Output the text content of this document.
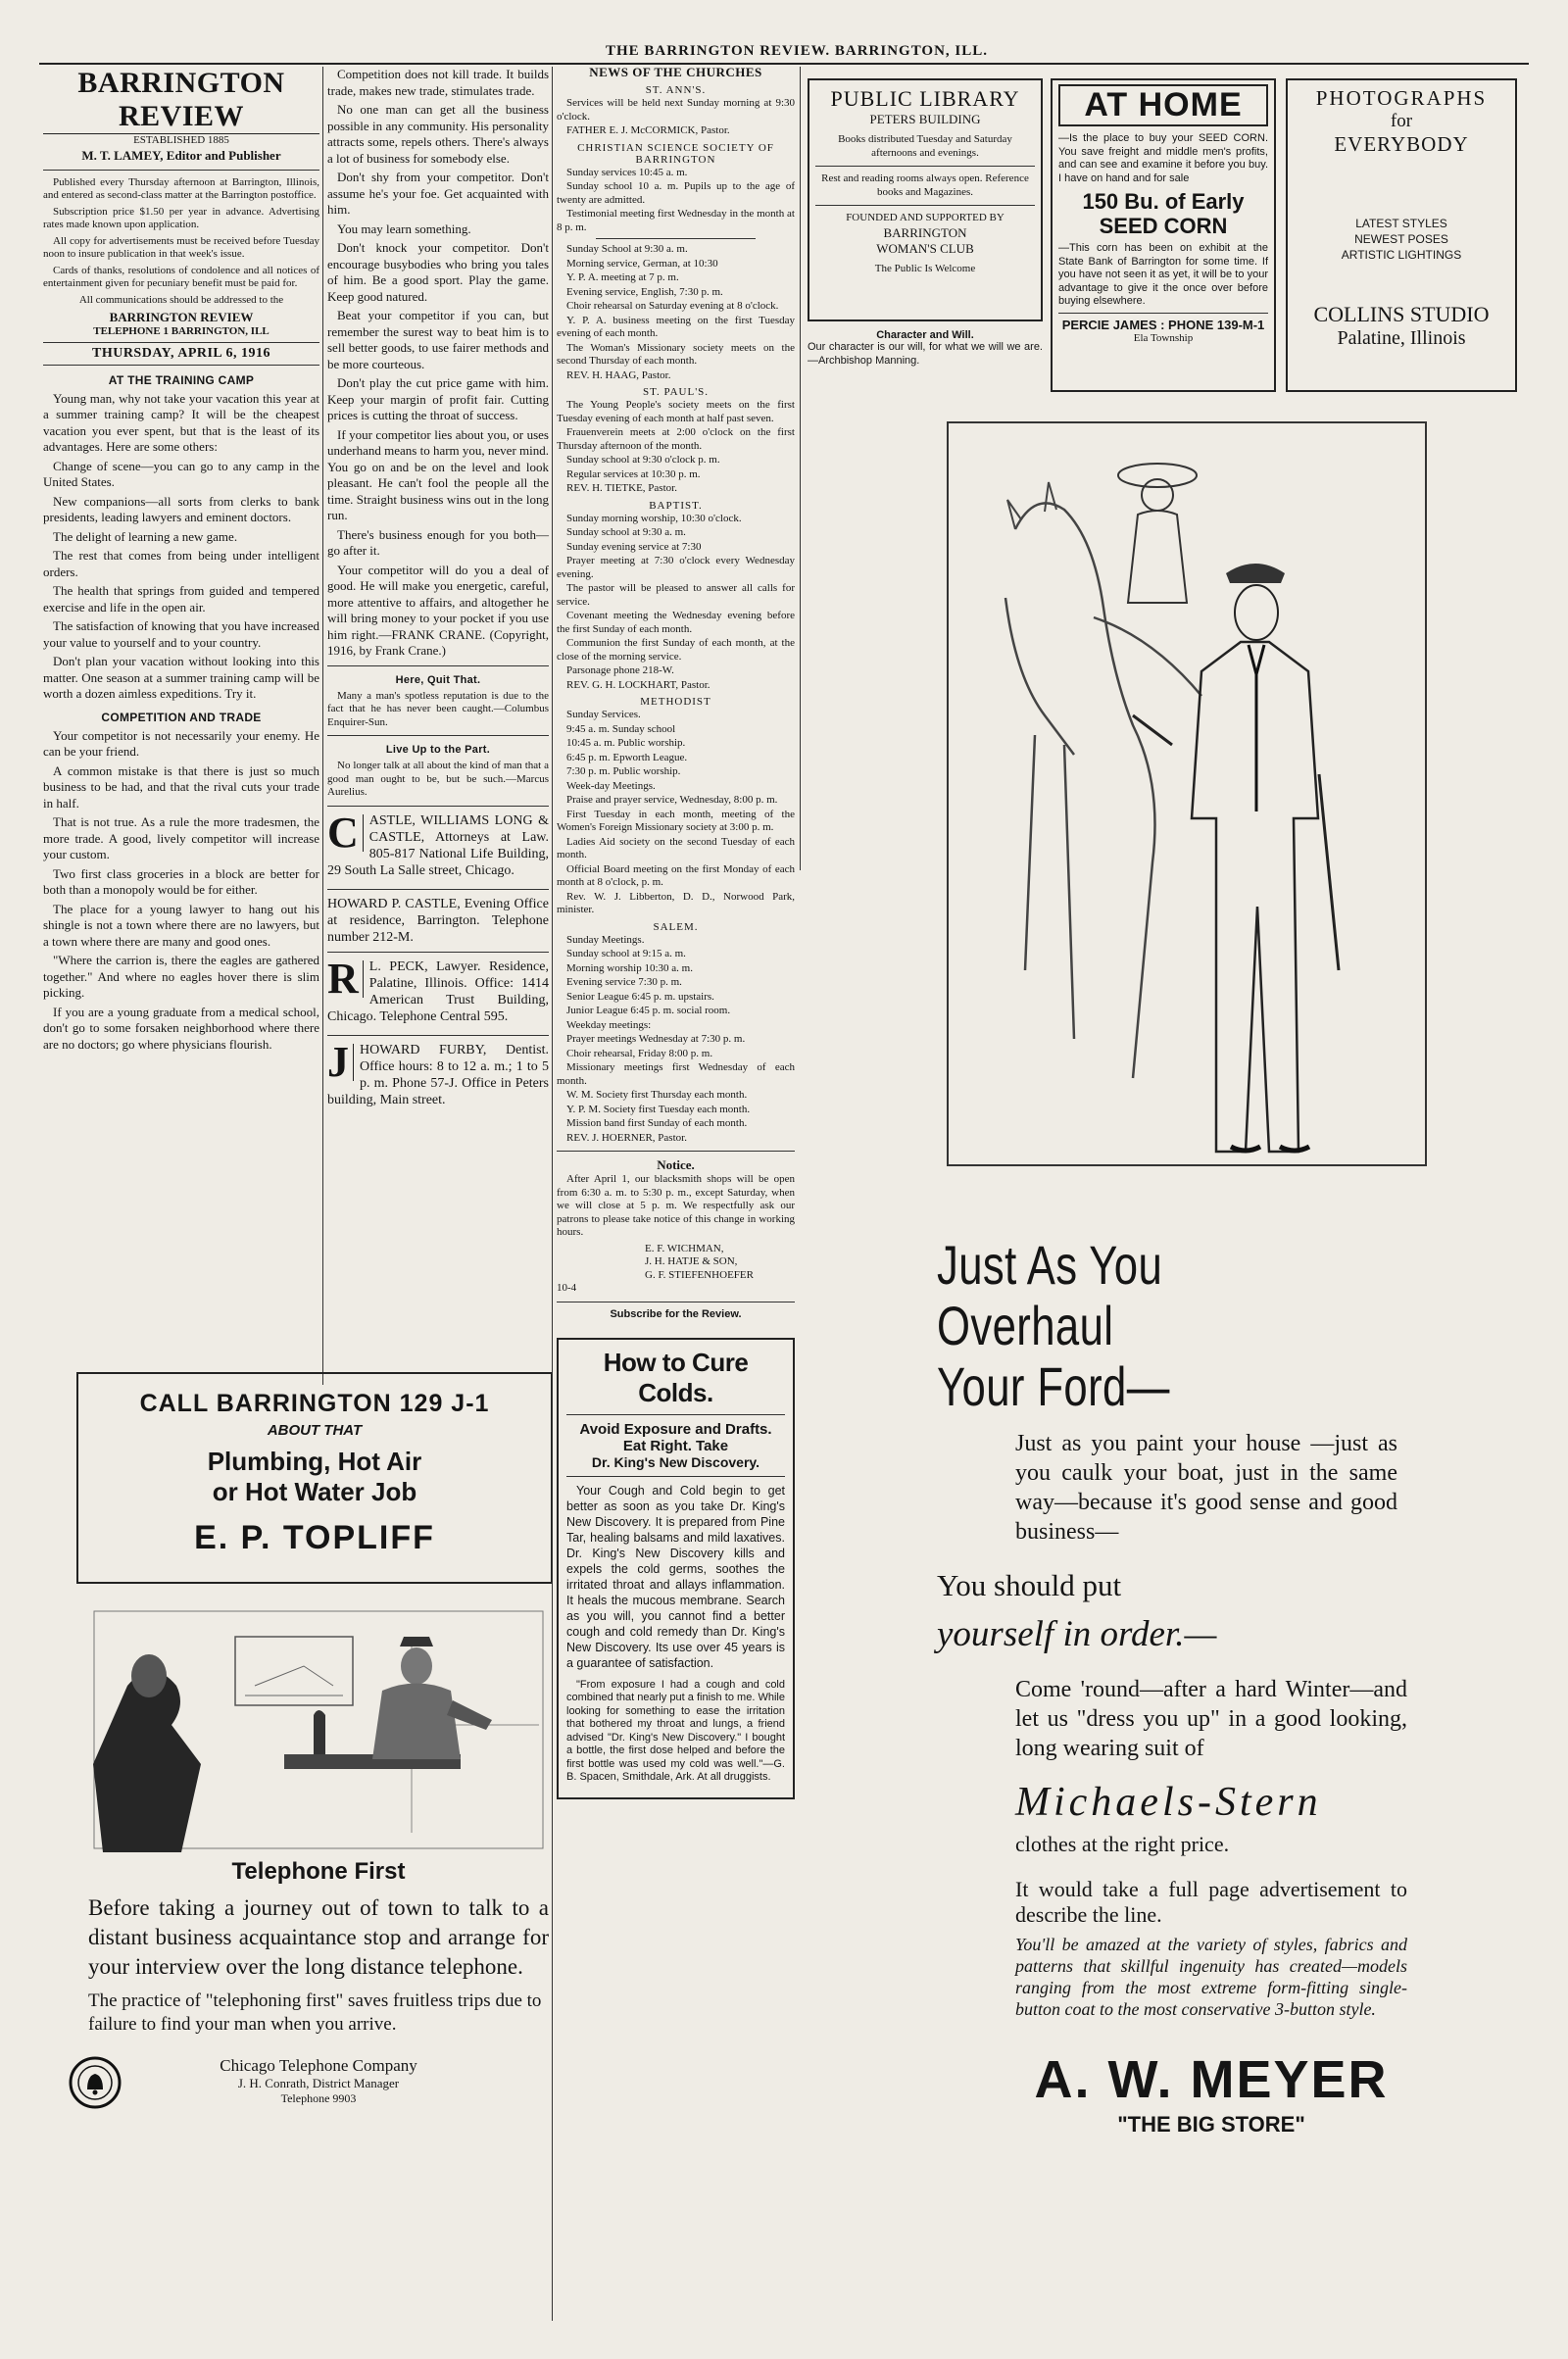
THE BARRINGTON REVIEW. BARRINGTON, ILL.
BARRINGTON REVIEW
ESTABLISHED 1885
M. T. LAMEY, Editor and Publisher

Published every Thursday afternoon at Barrington, Illinois, and entered as second-class matter at the Barrington postoffice.

Subscription price $1.50 per year in advance. Advertising rates made known upon application.

All copy for advertisements must be received before Tuesday noon to insure publication in that week's issue.

Cards of thanks, resolutions of condolence and all notices of entertainment given for pecuniary benefit must be paid for.

All communications should be addressed to the

BARRINGTON REVIEW
TELEPHONE 1 BARRINGTON, ILL
THURSDAY, APRIL 6, 1916
AT THE TRAINING CAMP

Young man, why not take your vacation this year at a summer training camp? It will be the cheapest vacation you ever spent, but that is the least of its advantages. Here are some others:

Change of scene—you can go to any camp in the United States.

New companions—all sorts from clerks to bank presidents, leading lawyers and eminent doctors.

The delight of learning a new game.

The rest that comes from being under intelligent orders.

The health that springs from guided and tempered exercise and life in the open air.

The satisfaction of knowing that you have increased your value to yourself and to your country.

Don't plan your vacation without looking into this matter. One season at a summer training camp will be worth a dozen aimless expeditions. Try it.

COMPETITION AND TRADE

Your competitor is not necessarily your enemy. He can be your friend.

A common mistake is that there is just so much business to be had, and that the rival cuts your trade in half.

That is not true. As a rule the more tradesmen, the more trade. A good, lively competitor will increase your custom.

Two first class groceries in a block are better for both than a monopoly would be for either.

The place for a young lawyer to hang out his shingle is not a town where there are no lawyers, but a town where there are many and good ones.

"Where the carrion is, there the eagles are gathered together." And where no eagles hover there is slim picking.

If you are a young graduate from a medical school, don't go to some forsaken neighborhood where there are no doctors; go where physicians flourish.

Competition does not kill trade. It builds trade, makes new trade, stimulates trade.

No one man can get all the business possible in any community. His personality attracts some, repels others. There's always a lot of business for somebody else.

Don't shy from your competitor. Don't assume he's your foe. Get acquainted with him.

You may learn something.

Don't knock your competitor. Don't encourage busybodies who bring you tales of him. Be a good sport. Play the game. Keep good natured.

Beat your competitor if you can, but remember the surest way to beat him is to sell better goods, to use fairer methods and be more courteous.

Don't play the cut price game with him. Keep your margin of profit fair. Cutting prices is cutting the throat of success.

If your competitor lies about you, or uses underhand means to harm you, never mind. You go on and be on the level and look pleasant. He can't fool the people all the time. Straight business wins out in the long run.

There's business enough for you both—go after it.

Your competitor will do you a deal of good. He will make you energetic, careful, more attentive to affairs, and altogether he will bring money to your pocket if you use him right.—FRANK CRANE. (Copyright, 1916, by Frank Crane.)

Here, Quit That.

Many a man's spotless reputation is due to the fact that he has never been caught.—Columbus Enquirer-Sun.

Live Up to the Part.

No longer talk at all about the kind of man that a good man ought to be, but be such.—Marcus Aurelius.

C ASTLE, WILLIAMS LONG & CASTLE, Attorneys at Law. 805-817 National Life Building, 29 South La Salle street, Chicago.

HOWARD P. CASTLE, Evening Office at residence, Barrington. Telephone number 212-M.

R L. PECK, Lawyer. Residence, Palatine, Illinois. Office: 1414 American Trust Building, Chicago. Telephone Central 595.

J HOWARD FURBY, Dentist. Office hours: 8 to 12 a. m.; 1 to 5 p. m. Phone 57-J. Office in Peters building, Main street.

CALL BARRINGTON 129 J-1
ABOUT THAT
Plumbing, Hot Air
or Hot Water Job
E. P. TOPLIFF
Telephone First

Before taking a journey out of town to talk to a distant business acquaintance stop and arrange for your interview over the long distance telephone.

The practice of "telephoning first" saves fruitless trips due to failure to find your man when you arrive.

Chicago Telephone Company
J. H. Conrath, District Manager
Telephone 9903
NEWS OF THE CHURCHES
ST. ANN'S.

Services will be held next Sunday morning at 9:30 o'clock.

FATHER E. J. McCORMICK, Pastor.

CHRISTIAN SCIENCE SOCIETY OF BARRINGTON

Sunday services 10:45 a. m.

Sunday school 10 a. m. Pupils up to the age of twenty are admitted.

Testimonial meeting first Wednesday in the month at 8 p. m.

Sunday School at 9:30 a. m.

Morning service, German, at 10:30

Y. P. A. meeting at 7 p. m.

Evening service, English, 7:30 p. m.

Choir rehearsal on Saturday evening at 8 o'clock.

Y. P. A. business meeting on the first Tuesday evening of each month.

The Woman's Missionary society meets on the second Thursday of each month.

REV. H. HAAG, Pastor.

ST. PAUL'S.

The Young People's society meets on the first Tuesday evening of each month at half past seven.

Frauenverein meets at 2:00 o'clock on the first Thursday afternoon of the month.

Sunday school at 9:30 o'clock p. m.

Regular services at 10:30 p. m.

REV. H. TIETKE, Pastor.

BAPTIST.

Sunday morning worship, 10:30 o'clock.

Sunday school at 9:30 a. m.

Sunday evening service at 7:30

Prayer meeting at 7:30 o'clock every Wednesday evening.

The pastor will be pleased to answer all calls for service.

Covenant meeting the Wednesday evening before the first Sunday of each month.

Communion the first Sunday of each month, at the close of the morning service.

Parsonage phone 218-W.

REV. G. H. LOCKHART, Pastor.

METHODIST

Sunday Services.

9:45 a. m. Sunday school

10:45 a. m. Public worship.

6:45 p. m. Epworth League.

7:30 p. m. Public worship.

Week-day Meetings.

Praise and prayer service, Wednesday, 8:00 p. m.

First Tuesday in each month, meeting of the Women's Foreign Missionary society at 3:00 p. m.

Ladies Aid society on the second Tuesday of each month.

Official Board meeting on the first Monday of each month at 8 o'clock, p. m.

Rev. W. J. Libberton, D. D., Norwood Park, minister.

SALEM.

Sunday Meetings.

Sunday school at 9:15 a. m.

Morning worship 10:30 a. m.

Evening service 7:30 p. m.

Senior League 6:45 p. m. upstairs.

Junior League 6:45 p. m. social room.

Weekday meetings:

Prayer meetings Wednesday at 7:30 p. m.

Choir rehearsal, Friday 8:00 p. m.

Missionary meetings first Wednesday of each month.

W. M. Society first Thursday each month.

Y. P. M. Society first Tuesday each month.

Mission band first Sunday of each month.

REV. J. HOERNER, Pastor.

Notice.

After April 1, our blacksmith shops will be open from 6:30 a. m. to 5:30 p. m., except Saturday, when we will close at 5 p. m. We respectfully ask our patrons to please take notice of this change in working hours.

E. F. WICHMAN,
J. H. HATJE & SON,
G. F. STIEFENHOEFER
10-4
Subscribe for the Review.
How to Cure Colds.
Avoid Exposure and Drafts.
Eat Right. Take
Dr. King's New Discovery.

Your Cough and Cold begin to get better as soon as you take Dr. King's New Discovery. It is prepared from Pine Tar, healing balsams and mild laxatives. Dr. King's New Discovery kills and expels the cold germs, soothes the irritated throat and allays inflammation. It heals the mucous membrane. Search as you will, you cannot find a better cough and cold remedy than Dr. King's New Discovery. Its use over 45 years is a guarantee of satisfaction.

"From exposure I had a cough and cold combined that nearly put a finish to me. While looking for something to ease the irritation that bothered my throat and lungs, a friend advised "Dr. King's New Discovery." I bought a bottle, the first dose helped and before the first bottle was used my cold was well."—G. B. Spacen, Smithdale, Ark. At all druggists.

PUBLIC LIBRARY
PETERS BUILDING

Books distributed Tuesday and Saturday afternoons and evenings.

Rest and reading rooms always open. Reference books and Magazines.

FOUNDED AND SUPPORTED BY
BARRINGTON
WOMAN'S CLUB
The Public Is Welcome
Character and Will.

Our character is our will, for what we will we are.—Archbishop Manning.

AT HOME

—Is the place to buy your SEED CORN. You save freight and middle men's profits, and can see and examine it before you buy. I have on hand and for sale

150 Bu. of Early SEED CORN

—This corn has been on exhibit at the State Bank of Barrington for some time. If you have not seen it as yet, it will be to your advantage to give it the once over before buying elsewhere.

PERCIE JAMES : PHONE 139-M-1
Ela Township
PHOTOGRAPHS
for
EVERYBODY
LATEST STYLES
NEWEST POSES
ARTISTIC LIGHTINGS
COLLINS STUDIO
Palatine, Illinois
Just As You
Overhaul
Your Ford—

Just as you paint your house —just as you caulk your boat, just in the same way—because it's good sense and good business—

You should put

yourself in order.—

Come 'round—after a hard Winter—and let us "dress you up" in a good looking, long wearing suit of

Michaels-Stern

clothes at the right price.

It would take a full page advertisement to describe the line.

You'll be amazed at the variety of styles, fabrics and patterns that skillful ingenuity has created—models ranging from the most extreme form-fitting single-button coat to the most conservative 3-button style.

A. W. MEYER
"THE BIG STORE"
